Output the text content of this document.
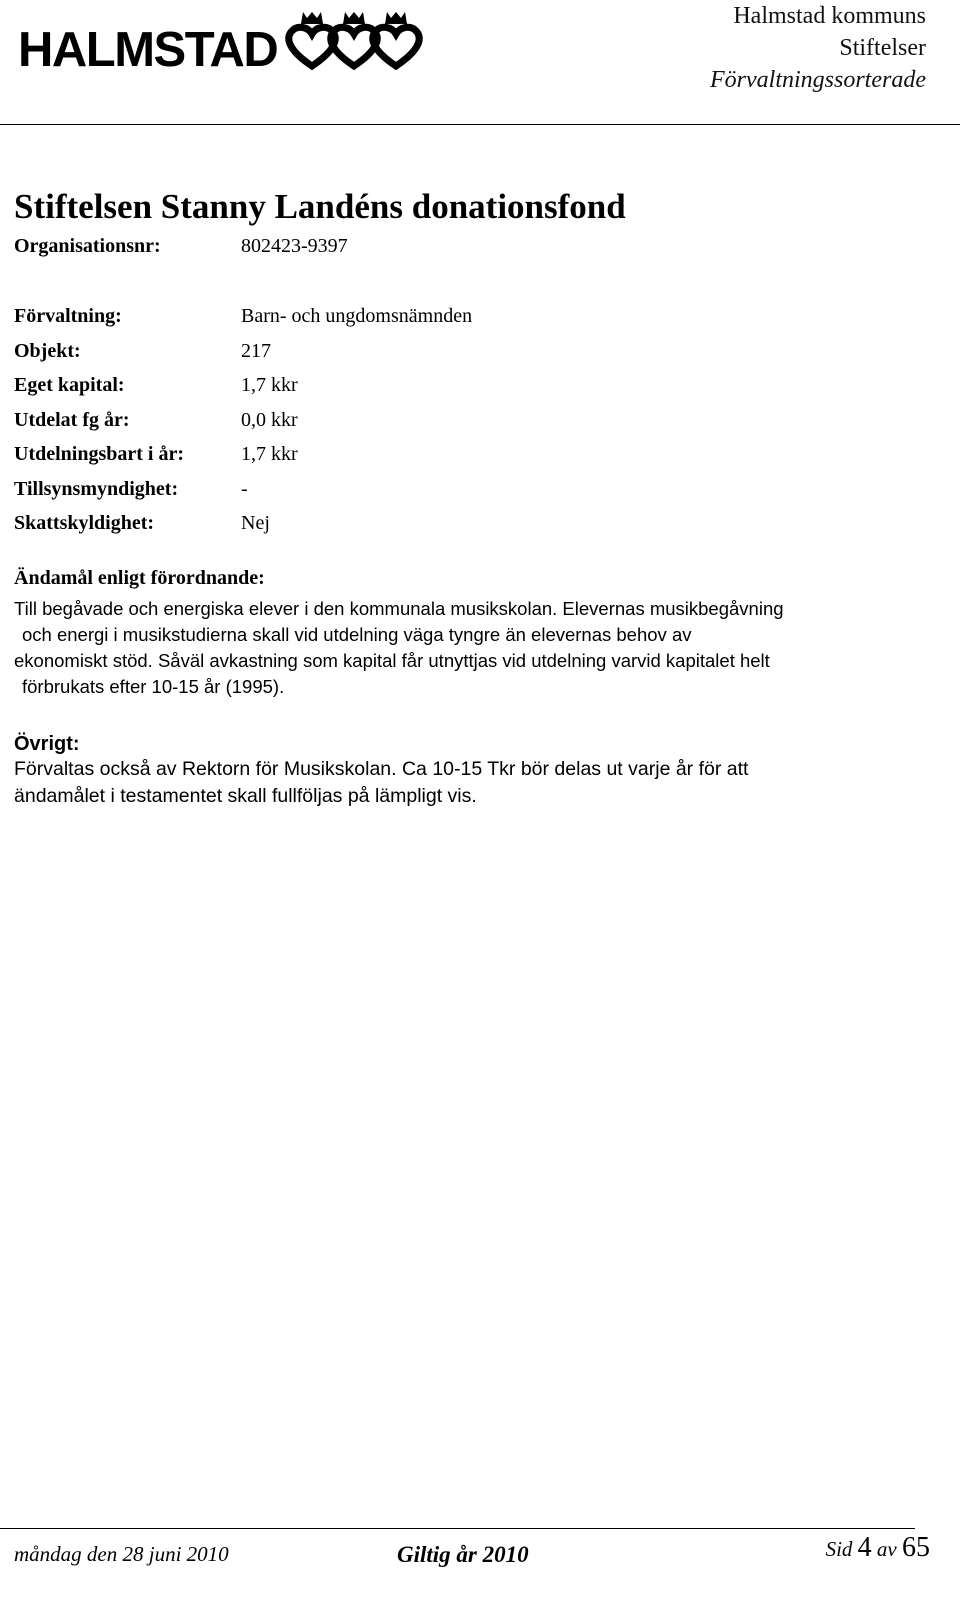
HALMSTAD
Halmstad kommuns
Stiftelser
Förvaltningssorterade
Stiftelsen Stanny Landéns donationsfond
Organisationsnr:	802423-9397
Förvaltning:	Barn- och ungdomsnämnden
Objekt:	217
Eget kapital:	1,7 kkr
Utdelat fg år:	0,0 kkr
Utdelningsbart i år:	1,7 kkr
Tillsynsmyndighet:	-
Skattskyldighet:	Nej
Ändamål enligt förordnande:
Till begåvade och energiska elever i den kommunala musikskolan. Elevernas musikbegåvning
och energi i musikstudierna skall vid utdelning väga tyngre än elevernas behov av
ekonomiskt stöd. Såväl avkastning som kapital får utnyttjas vid utdelning varvid kapitalet helt
förbrukats efter 10-15 år (1995).
Övrigt:
Förvaltas också av Rektorn för Musikskolan. Ca 10-15 Tkr bör delas ut varje år för att
ändamålet i testamentet skall fullföljas på lämpligt vis.
måndag den 28 juni 2010	Giltig år 2010	Sid 4 av 65
